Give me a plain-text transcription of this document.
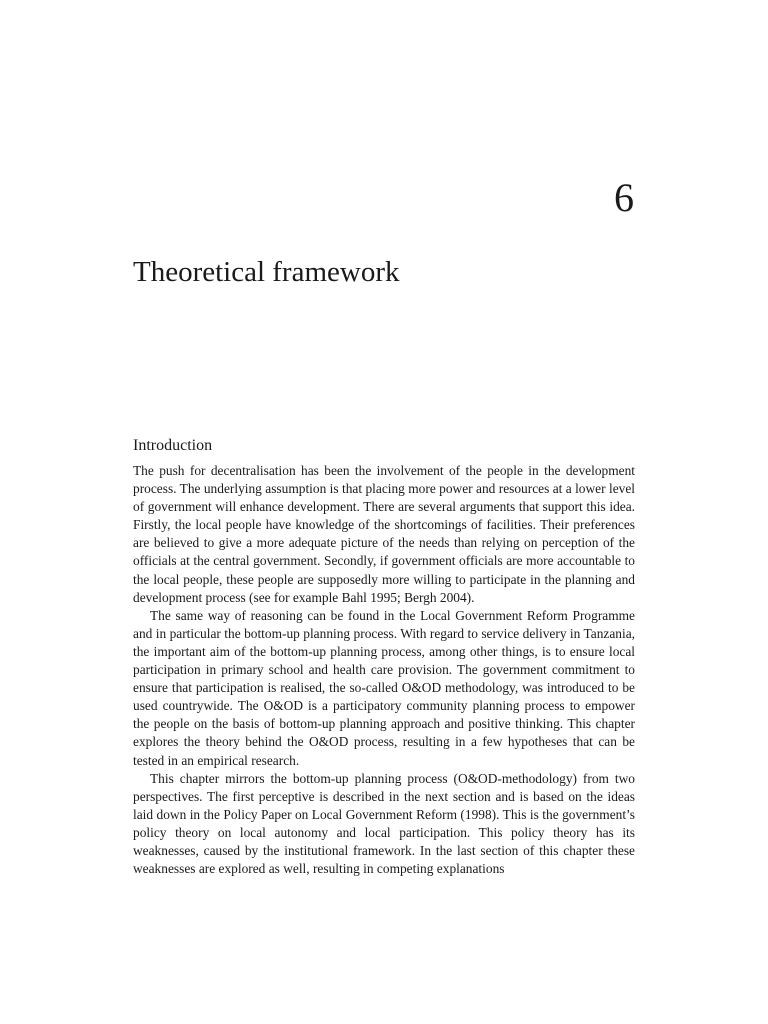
6
Theoretical framework
Introduction

The push for decentralisation has been the involvement of the people in the development process. The underlying assumption is that placing more power and resources at a lower level of government will enhance development. There are several arguments that support this idea. Firstly, the local people have knowledge of the shortcomings of facilities. Their preferences are believed to give a more adequate picture of the needs than relying on perception of the officials at the central government. Secondly, if government officials are more accountable to the local people, these people are supposedly more willing to participate in the planning and development process (see for example Bahl 1995; Bergh 2004).

The same way of reasoning can be found in the Local Government Reform Programme and in particular the bottom-up planning process. With regard to service delivery in Tanzania, the important aim of the bottom-up planning process, among other things, is to ensure local participation in primary school and health care provision. The government commitment to ensure that participation is realised, the so-called O&OD methodology, was introduced to be used countrywide. The O&OD is a participatory community planning process to empower the people on the basis of bottom-up planning approach and positive thinking. This chapter explores the theory behind the O&OD process, resulting in a few hypotheses that can be tested in an empirical research.

This chapter mirrors the bottom-up planning process (O&OD-methodology) from two perspectives. The first perceptive is described in the next section and is based on the ideas laid down in the Policy Paper on Local Government Reform (1998). This is the government’s policy theory on local autonomy and local participation. This policy theory has its weaknesses, caused by the institutional framework. In the last section of this chapter these weaknesses are explored as well, resulting in competing explanations
